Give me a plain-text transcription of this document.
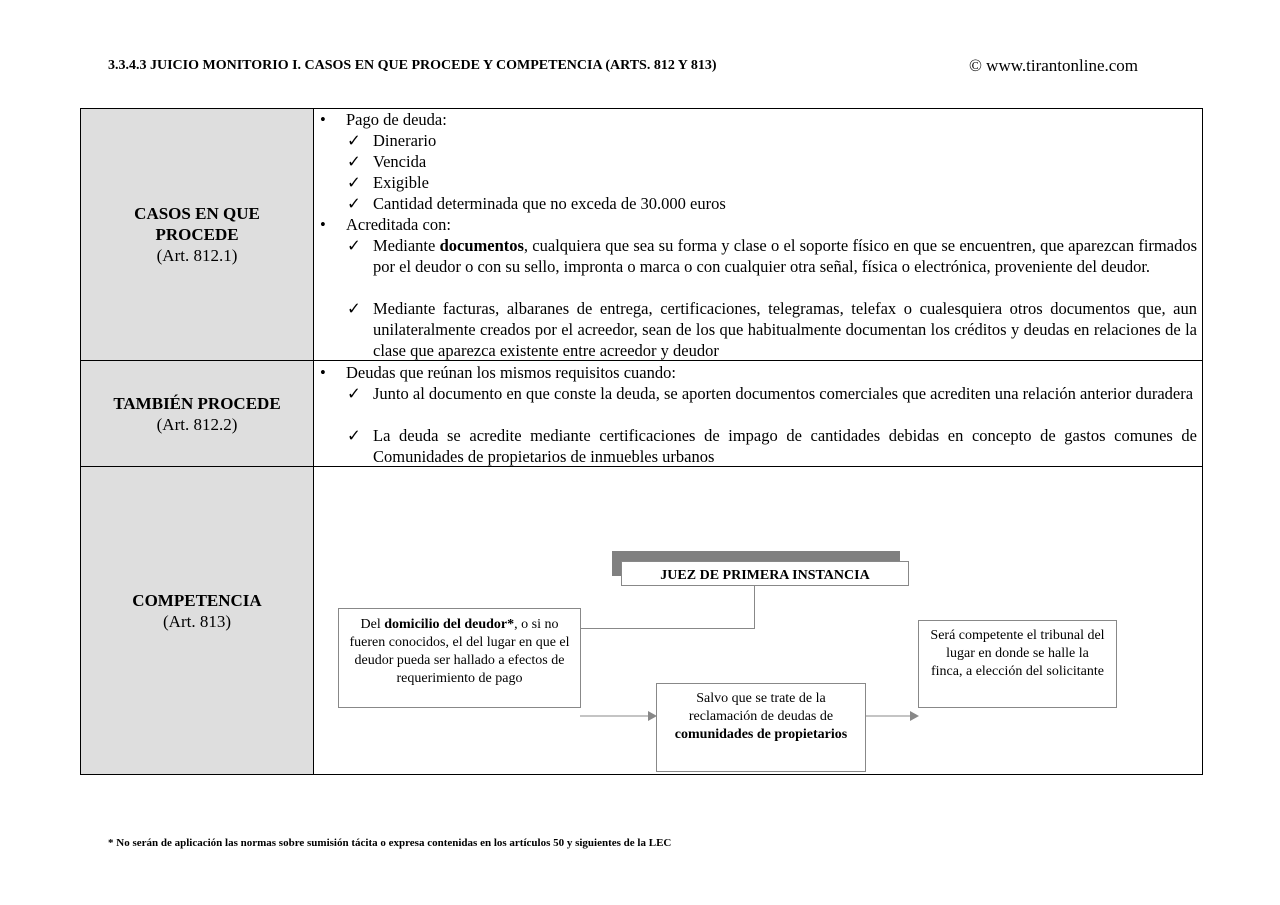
3.3.4.3 JUICIO MONITORIO I. CASOS EN QUE PROCEDE Y COMPETENCIA (ARTS. 812 Y 813)	© www.tirantonline.com
CASOS EN QUE PROCEDE
(Art. 812.1)
• Pago de deuda:
✓ Dinerario
✓ Vencida
✓ Exigible
✓ Cantidad determinada que no exceda de 30.000 euros
• Acreditada con:
✓ Mediante documentos, cualquiera que sea su forma y clase o el soporte físico en que se encuentren, que aparezcan firmados por el deudor o con su sello, impronta o marca o con cualquier otra señal, física o electrónica, proveniente del deudor.
✓ Mediante facturas, albaranes de entrega, certificaciones, telegramas, telefax o cualesquiera otros documentos que, aun unilateralmente creados por el acreedor, sean de los que habitualmente documentan los créditos y deudas en relaciones de la clase que aparezca existente entre acreedor y deudor
TAMBIÉN PROCEDE
(Art. 812.2)
• Deudas que reúnan los mismos requisitos cuando:
✓ Junto al documento en que conste la deuda, se aporten documentos comerciales que acrediten una relación anterior duradera
✓ La deuda se acredite mediante certificaciones de impago de cantidades debidas en concepto de gastos comunes de Comunidades de propietarios de inmuebles urbanos
COMPETENCIA
(Art. 813)
JUEZ DE PRIMERA INSTANCIA
Del domicilio del deudor*, o si no fueren conocidos, el del lugar en que el deudor pueda ser hallado a efectos de requerimiento de pago
Salvo que se trate de la reclamación de deudas de comunidades de propietarios
Será competente el tribunal del lugar en donde se halle la finca, a elección del solicitante
* No serán de aplicación las normas sobre sumisión tácita o expresa contenidas en los artículos 50 y siguientes de la LEC
